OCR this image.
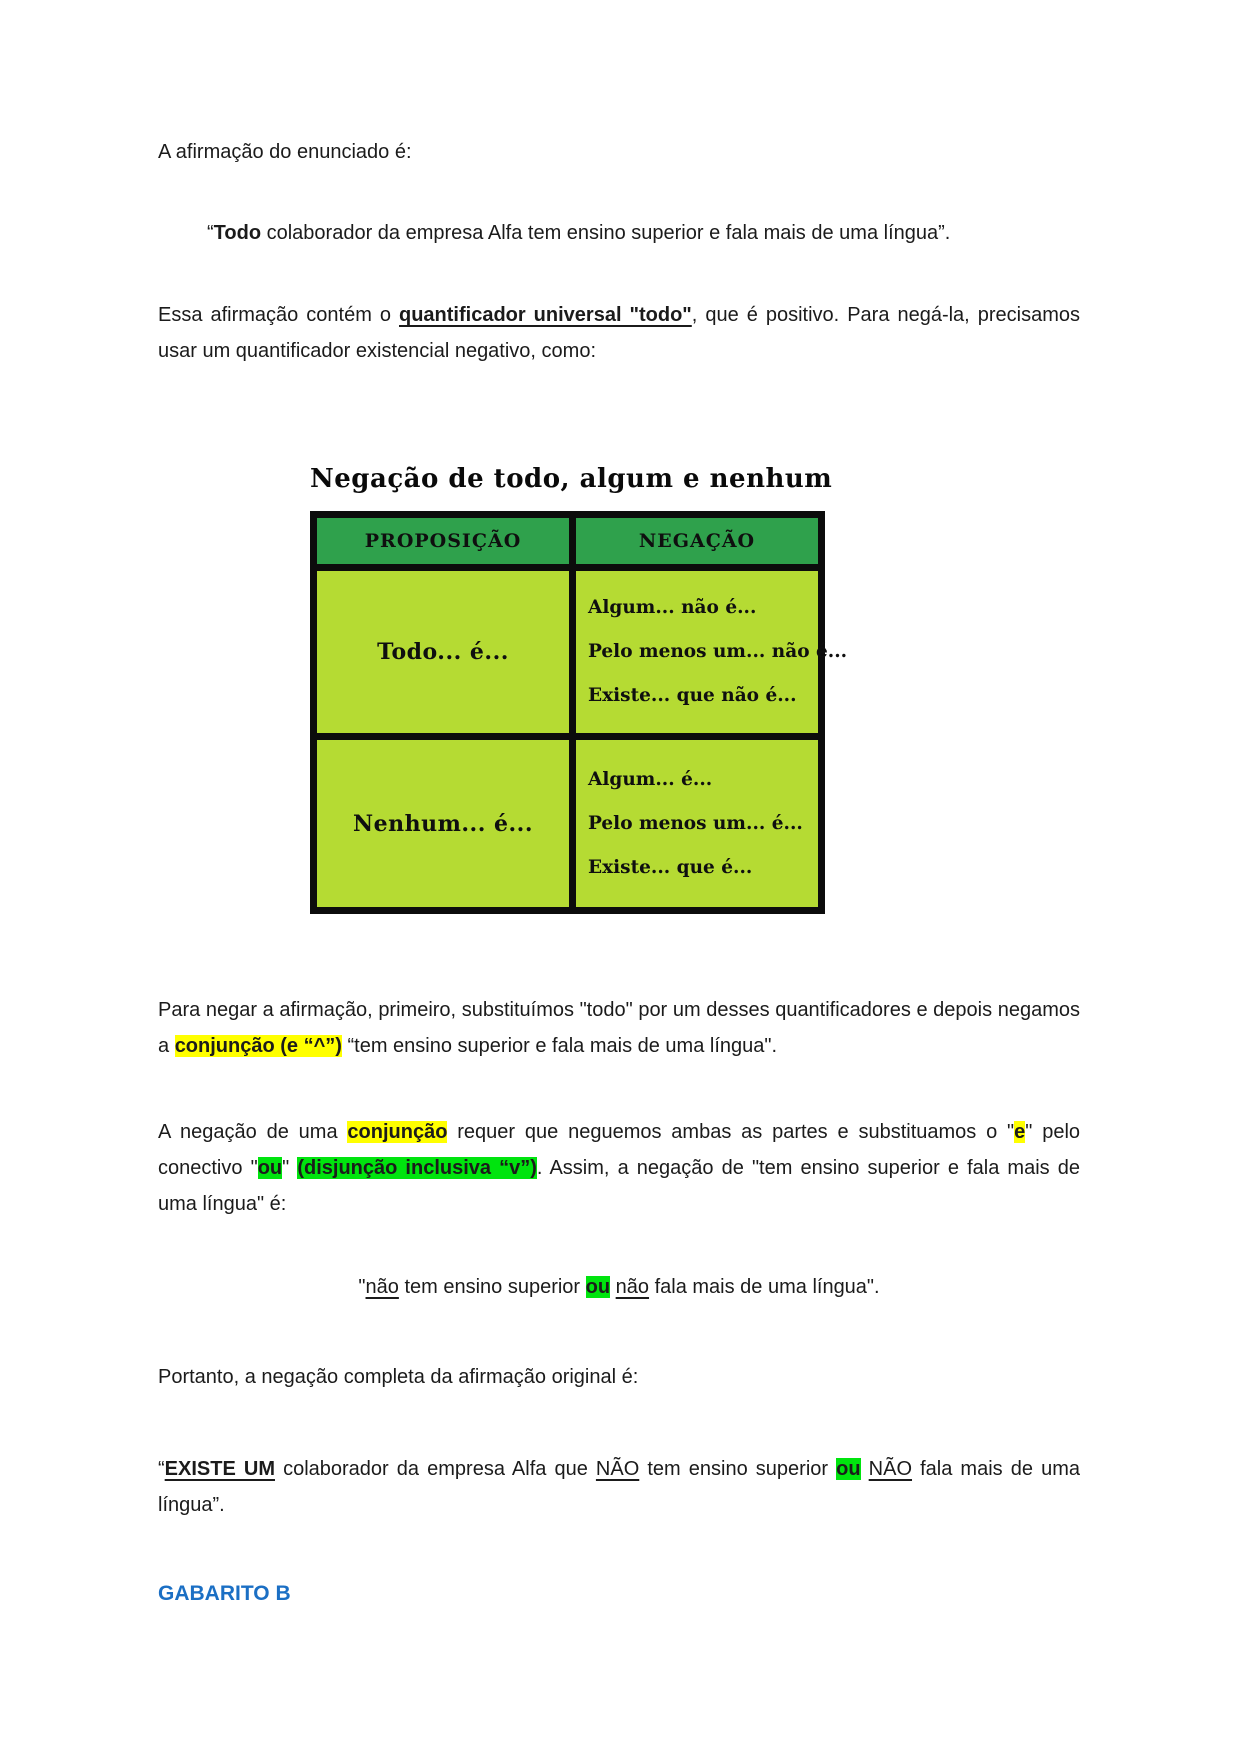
A afirmação do enunciado é:

“Todo colaborador da empresa Alfa tem ensino superior e fala mais de uma língua”.

Essa afirmação contém o quantificador universal "todo", que é positivo. Para negá-la, precisamos usar um quantificador existencial negativo, como:

Negação de todo, algum e nenhum
PROPOSIÇÃO	NEGAÇÃO
Todo... é...	Algum... não é...
Pelo menos um... não é...
Existe... que não é...

Nenhum... é...	Algum... é...
Pelo menos um... é...
Existe... que é...

Para negar a afirmação, primeiro, substituímos "todo" por um desses quantificadores e depois negamos a conjunção (e “^”) “tem ensino superior e fala mais de uma língua".

A negação de uma conjunção requer que neguemos ambas as partes e substituamos o "e" pelo conectivo "ou" (disjunção inclusiva “v”). Assim, a negação de "tem ensino superior e fala mais de uma língua" é:

"não tem ensino superior ou não fala mais de uma língua".

Portanto, a negação completa da afirmação original é:

“EXISTE UM colaborador da empresa Alfa que NÃO tem ensino superior ou NÃO fala mais de uma língua”.

GABARITO B
